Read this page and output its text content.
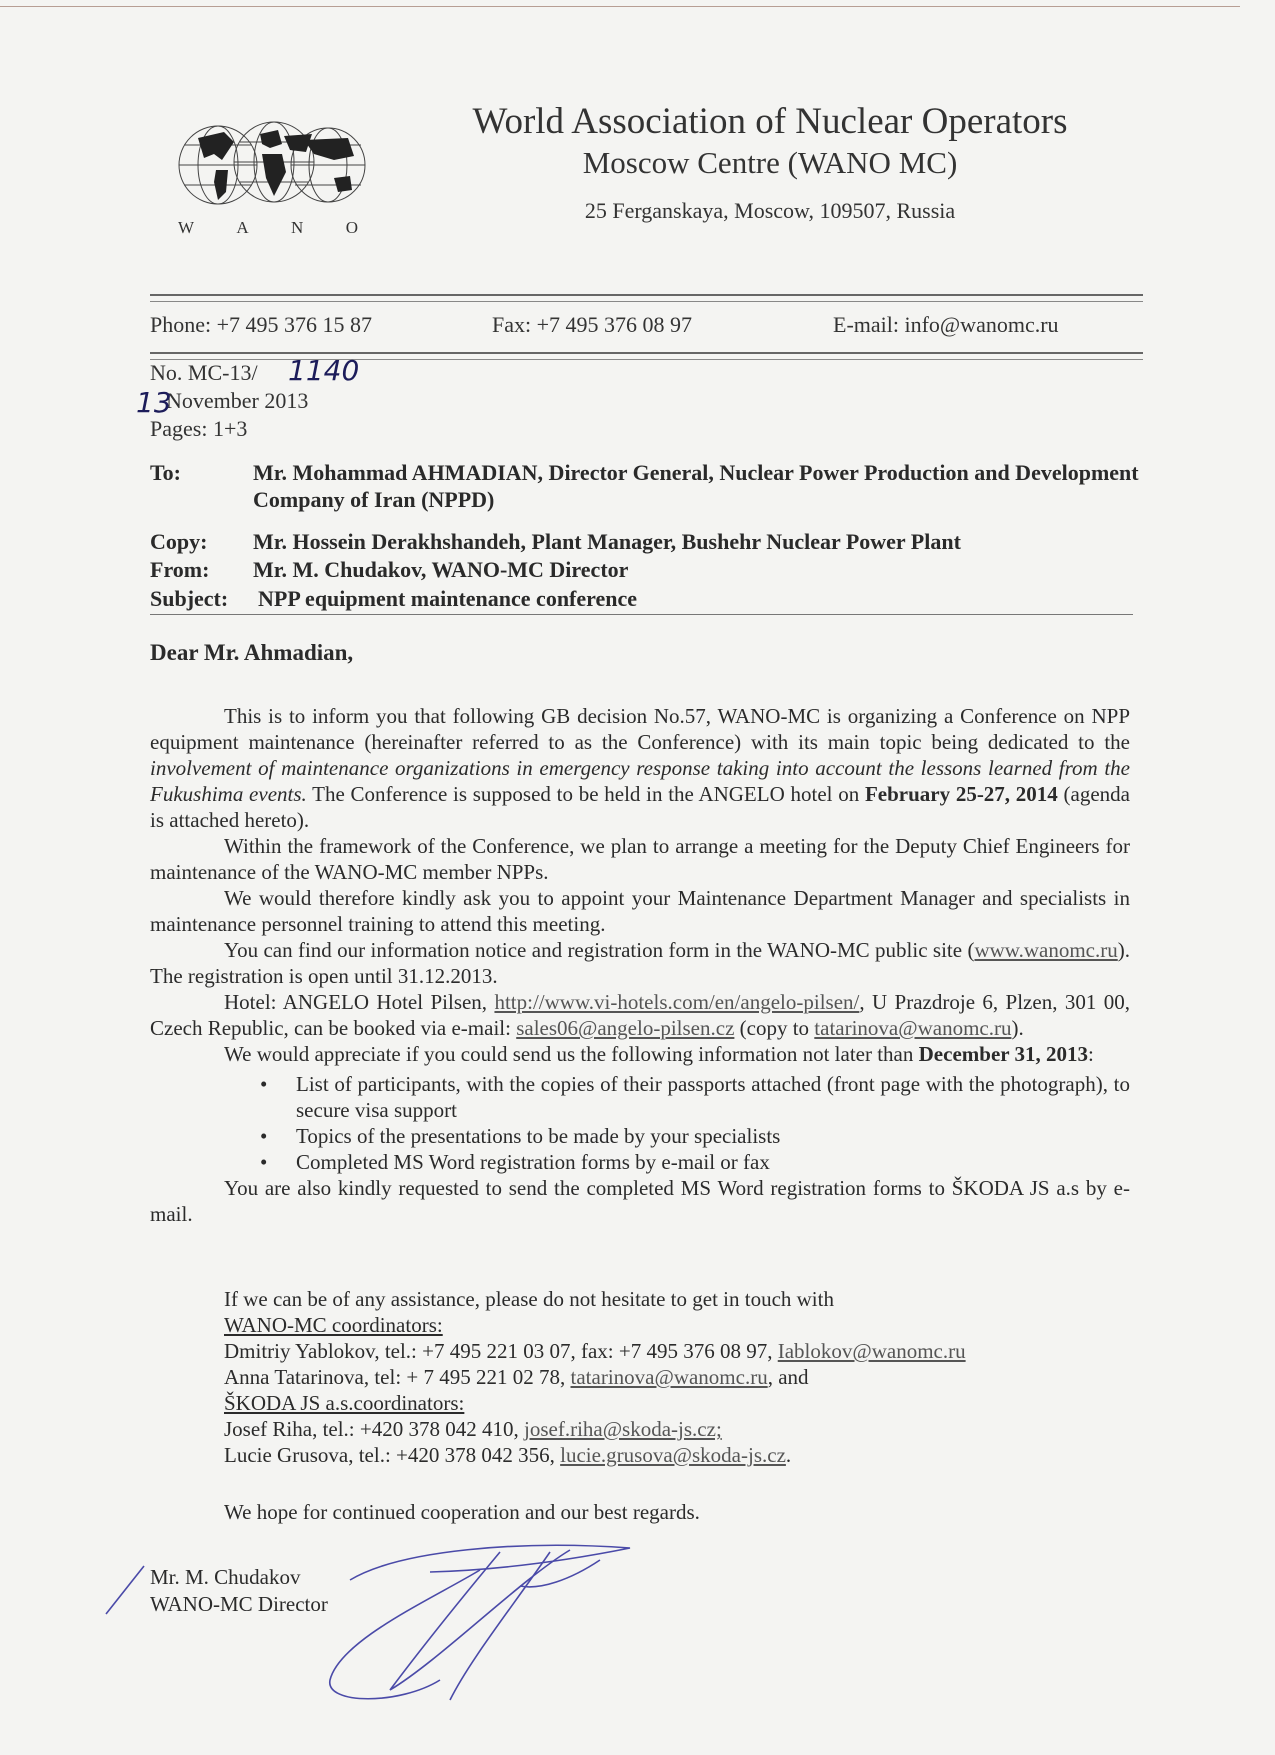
W A N O
World Association of Nuclear Operators
Moscow Centre (WANO MC)
25 Ferganskaya, Moscow, 109507, Russia
Phone: +7 495 376 15 87	Fax: +7 495 376 08 97	E-mail: info@wanomc.ru
No. MC-13/
November 2013
Pages: 1+3
1140
13
To:	Mr. Mohammad AHMADIAN, Director General, Nuclear Power Production and Development Company of Iran (NPPD)
Copy: Mr. Hossein Derakhshandeh, Plant Manager, Bushehr Nuclear Power Plant
From: Mr. M. Chudakov, WANO-MC Director
Subject: NPP equipment maintenance conference
Dear Mr. Ahmadian,

This is to inform you that following GB decision No.57, WANO-MC is organizing a Conference on NPP equipment maintenance (hereinafter referred to as the Conference) with its main topic being dedicated to the involvement of maintenance organizations in emergency response taking into account the lessons learned from the Fukushima events. The Conference is supposed to be held in the ANGELO hotel on February 25-27, 2014 (agenda is attached hereto).

Within the framework of the Conference, we plan to arrange a meeting for the Deputy Chief Engineers for maintenance of the WANO-MC member NPPs.

We would therefore kindly ask you to appoint your Maintenance Department Manager and specialists in maintenance personnel training to attend this meeting.

You can find our information notice and registration form in the WANO-MC public site (www.wanomc.ru). The registration is open until 31.12.2013.

Hotel: ANGELO Hotel Pilsen, http://www.vi-hotels.com/en/angelo-pilsen/, U Prazdroje 6, Plzen, 301 00, Czech Republic, can be booked via e-mail: sales06@angelo-pilsen.cz (copy to tatarinova@wanomc.ru).

We would appreciate if you could send us the following information not later than December 31, 2013:

• List of participants, with the copies of their passports attached (front page with the photograph), to secure visa support
• Topics of the presentations to be made by your specialists
• Completed MS Word registration forms by e-mail or fax

You are also kindly requested to send the completed MS Word registration forms to ŠKODA JS a.s by e-mail.

If we can be of any assistance, please do not hesitate to get in touch with
WANO-MC coordinators:
Dmitriy Yablokov, tel.: +7 495 221 03 07, fax: +7 495 376 08 97, Iablokov@wanomc.ru
Anna Tatarinova, tel: + 7 495 221 02 78, tatarinova@wanomc.ru, and
ŠKODA JS a.s.coordinators:
Josef Riha, tel.: +420 378 042 410, josef.riha@skoda-js.cz;
Lucie Grusova, tel.: +420 378 042 356, lucie.grusova@skoda-js.cz.
We hope for continued cooperation and our best regards.
Mr. M. Chudakov
WANO-MC Director
